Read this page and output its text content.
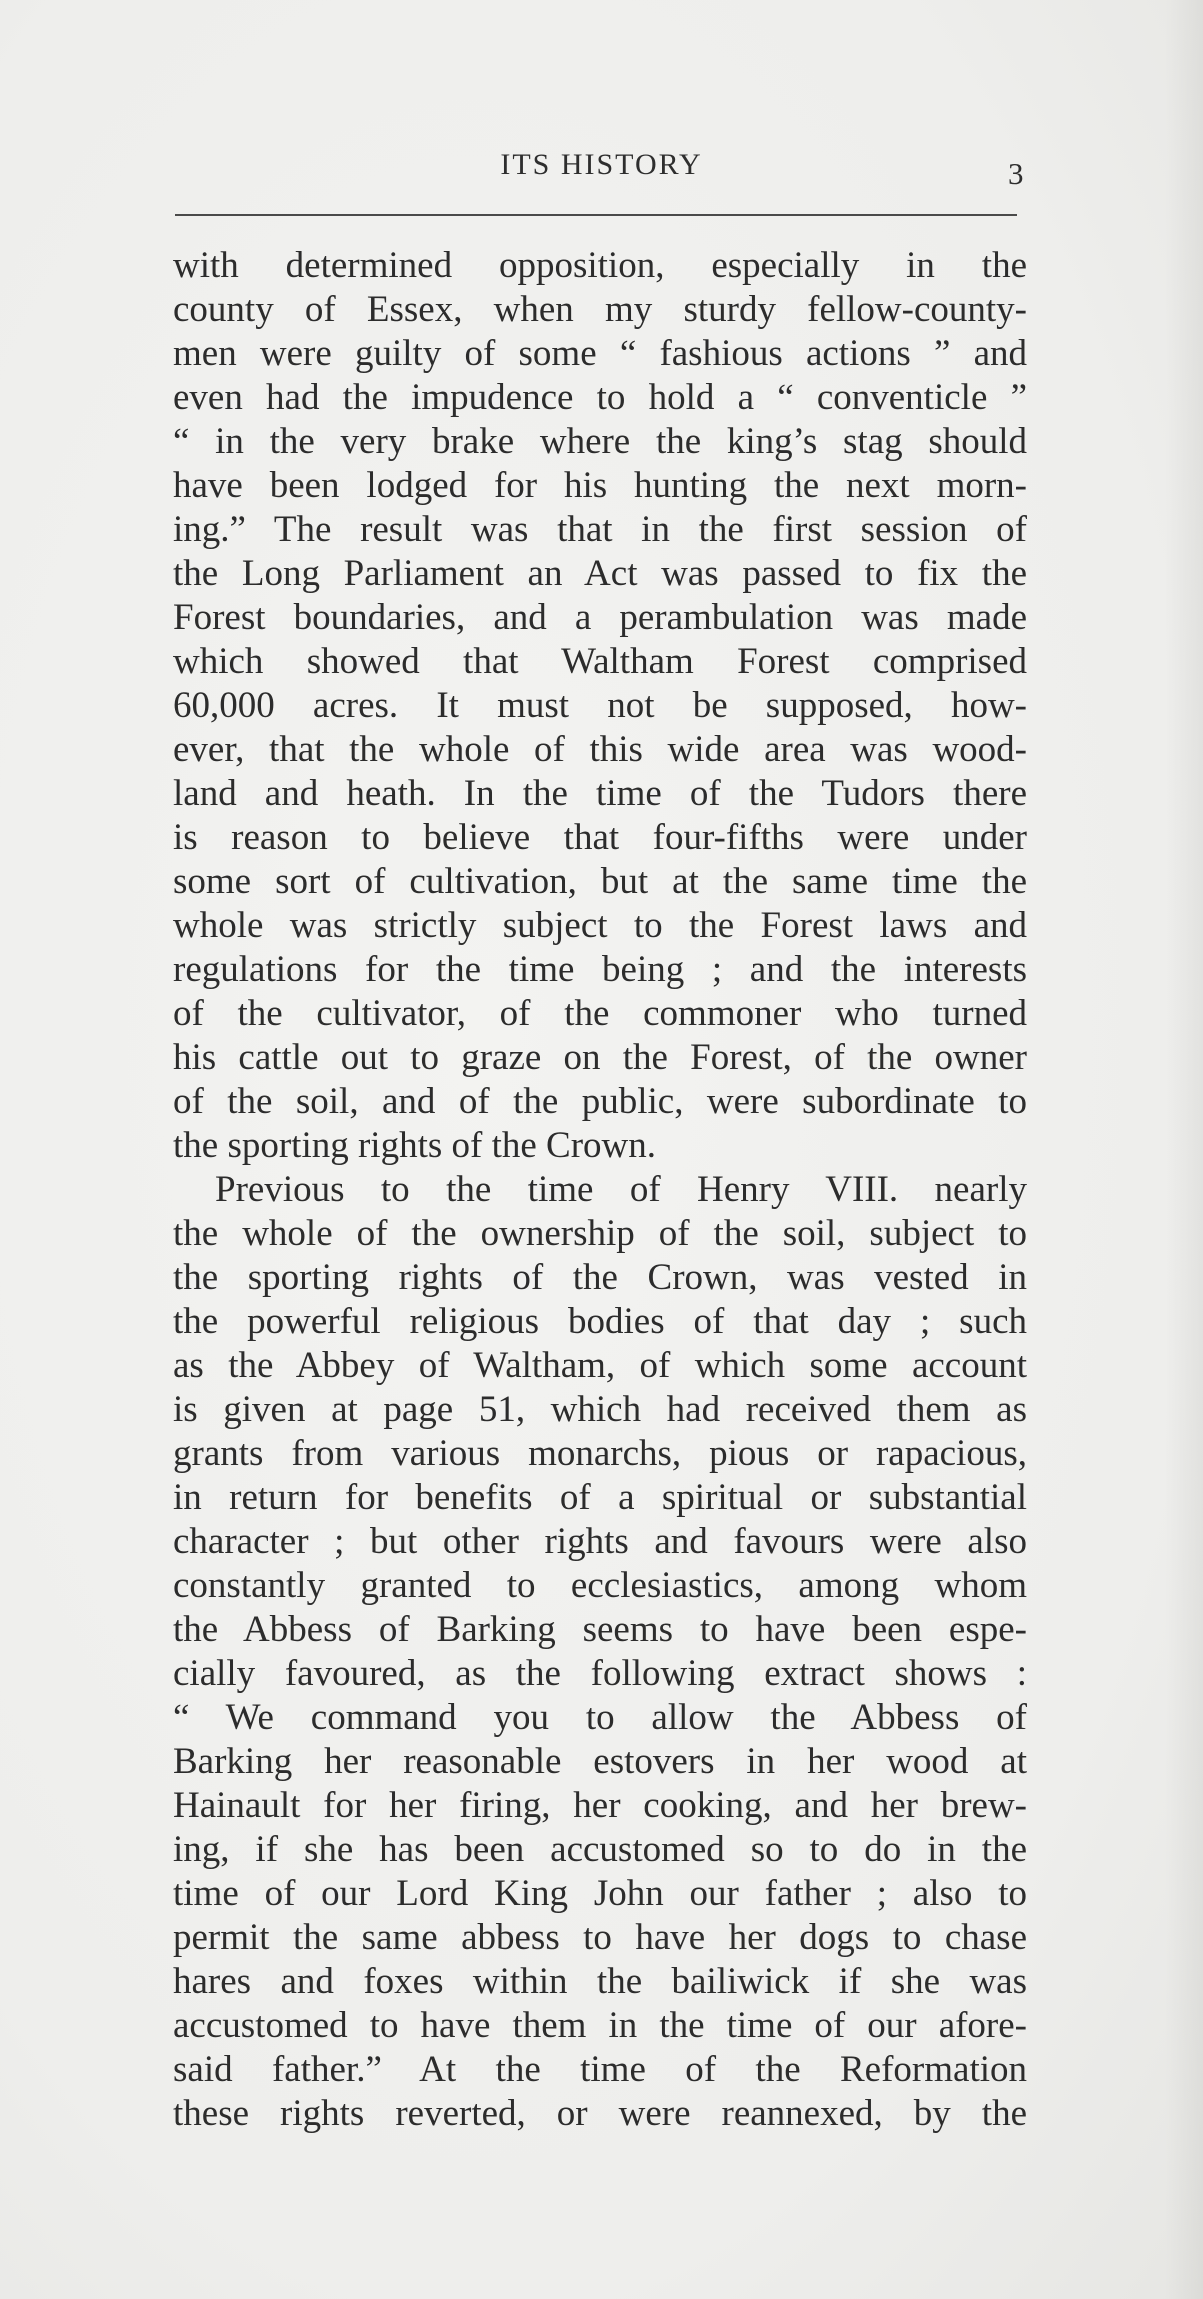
ITS HISTORY	3
with determined opposition, especially in the
county of Essex, when my sturdy fellow-county-
men were guilty of some “ fashious actions ” and
even had the impudence to hold a “ conventicle ”
“ in the very brake where the king’s stag should
have been lodged for his hunting the next morn-
ing.” The result was that in the first session of
the Long Parliament an Act was passed to fix the
Forest boundaries, and a perambulation was made
which showed that Waltham Forest comprised
60,000 acres. It must not be supposed, how-
ever, that the whole of this wide area was wood-
land and heath. In the time of the Tudors there
is reason to believe that four-fifths were under
some sort of cultivation, but at the same time the
whole was strictly subject to the Forest laws and
regulations for the time being ; and the interests
of the cultivator, of the commoner who turned
his cattle out to graze on the Forest, of the owner
of the soil, and of the public, were subordinate to
the sporting rights of the Crown.
Previous to the time of Henry VIII. nearly
the whole of the ownership of the soil, subject to
the sporting rights of the Crown, was vested in
the powerful religious bodies of that day ; such
as the Abbey of Waltham, of which some account
is given at page 51, which had received them as
grants from various monarchs, pious or rapacious,
in return for benefits of a spiritual or substantial
character ; but other rights and favours were also
constantly granted to ecclesiastics, among whom
the Abbess of Barking seems to have been espe-
cially favoured, as the following extract shows :
“ We command you to allow the Abbess of
Barking her reasonable estovers in her wood at
Hainault for her firing, her cooking, and her brew-
ing, if she has been accustomed so to do in the
time of our Lord King John our father ; also to
permit the same abbess to have her dogs to chase
hares and foxes within the bailiwick if she was
accustomed to have them in the time of our afore-
said father.” At the time of the Reformation
these rights reverted, or were reannexed, by the
